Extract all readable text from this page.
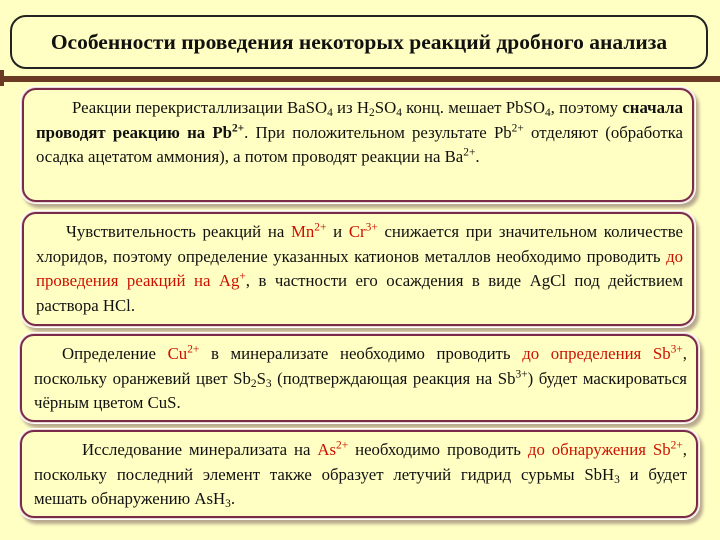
Особенности проведения некоторых реакций дробного анализа
Реакции перекристаллизации BaSO$_4$ из $H_2SO_4$ конц. мешает PbSO$_4$, поэтому сначала проводят реакцию на $Pb^{2+}$. При положительном результате $Pb^{2+}$ отделяют (обработка осадка ацетатом аммония), а потом проводят реакции на $Ba^{2+}$.
Чувствительность реакций на $Mn^{2+}$ и $Cr^{3+}$ снижается при значительном количестве хлоридов, поэтому определение указанных катионов металлов необходимо проводить до проведения реакций на Ag+, в частности его осаждения в виде AgCl под действием раствора HCl.
Определение $Cu^{2+}$ в минерализате необходимо проводить до определения $Sb^{3+}$, поскольку оранжевий цвет $Sb_2S_3$ (подтверждающая реакция на $Sb^{3+}$) будет маскироваться чёрным цветом CuS.
Исследование минерализата на $As^{2+}$ необходимо проводить до обнаружения $Sb^{2+}$, поскольку последний элемент также образует летучий гидрид сурьмы SbH$_3$ и будет мешать обнаружению AsH$_3$.
